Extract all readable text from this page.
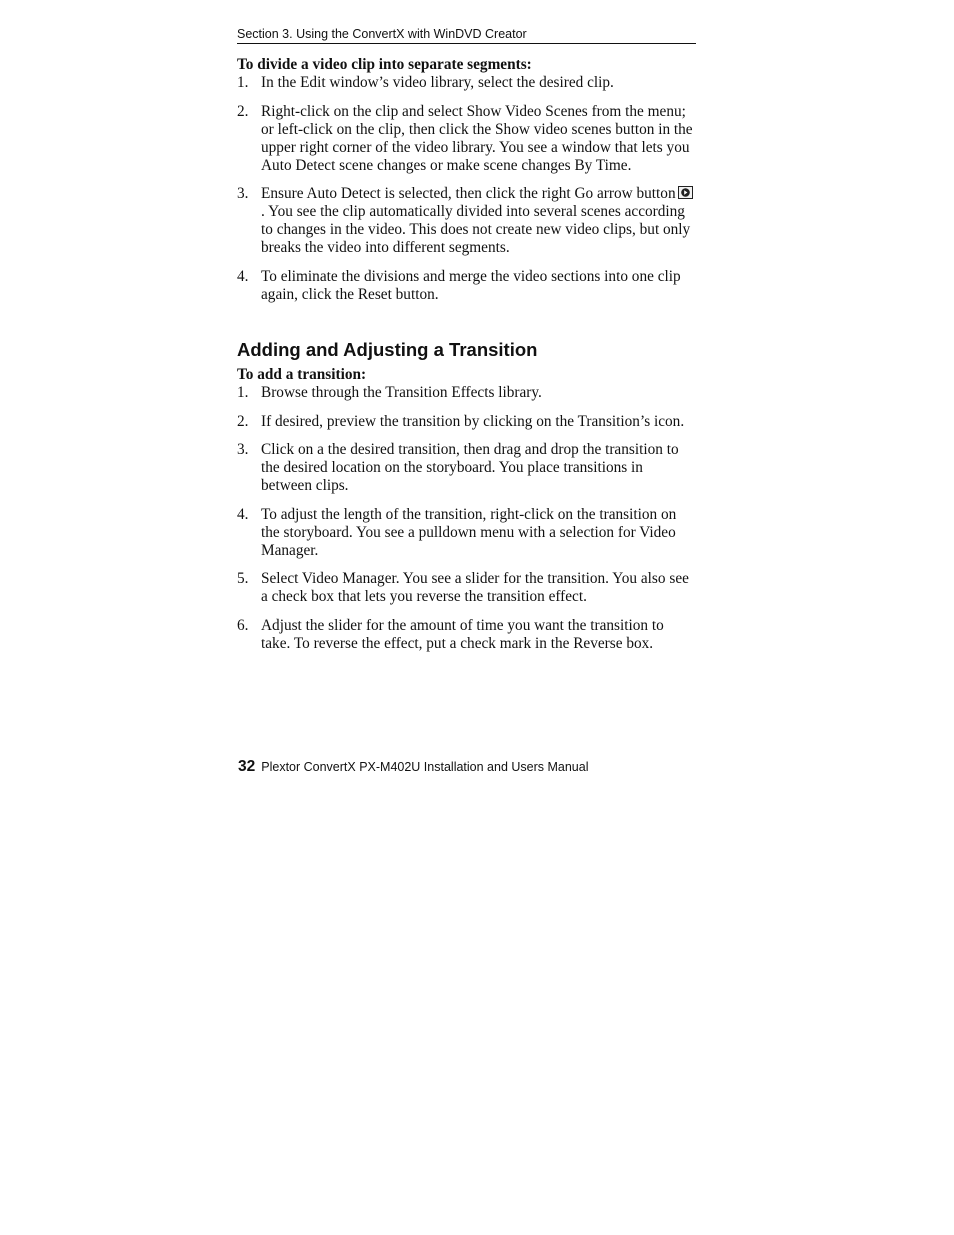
Section 3. Using the ConvertX with WinDVD Creator
To divide a video clip into separate segments:
1. In the Edit window’s video library, select the desired clip.
2. Right-click on the clip and select Show Video Scenes from the menu; or left-click on the clip, then click the Show video scenes button in the upper right corner of the video library. You see a window that lets you Auto Detect scene changes or make scene changes By Time.
3. Ensure Auto Detect is selected, then click the right Go arrow button
. You see the clip automatically divided into several scenes according to changes in the video. This does not create new video clips, but only breaks the video into different segments.
4. To eliminate the divisions and merge the video sections into one clip again, click the Reset button.
Adding and Adjusting a Transition
To add a transition:
1. Browse through the Transition Effects library.
2. If desired, preview the transition by clicking on the Transition’s icon.
3. Click on a the desired transition, then drag and drop the transition to the desired location on the storyboard. You place transitions in between clips.
4. To adjust the length of the transition, right-click on the transition on the storyboard. You see a pulldown menu with a selection for Video Manager.
5. Select Video Manager. You see a slider for the transition. You also see a check box that lets you reverse the transition effect.
6. Adjust the slider for the amount of time you want the transition to take. To reverse the effect, put a check mark in the Reverse box.
32 Plextor ConvertX PX-M402U Installation and Users Manual
